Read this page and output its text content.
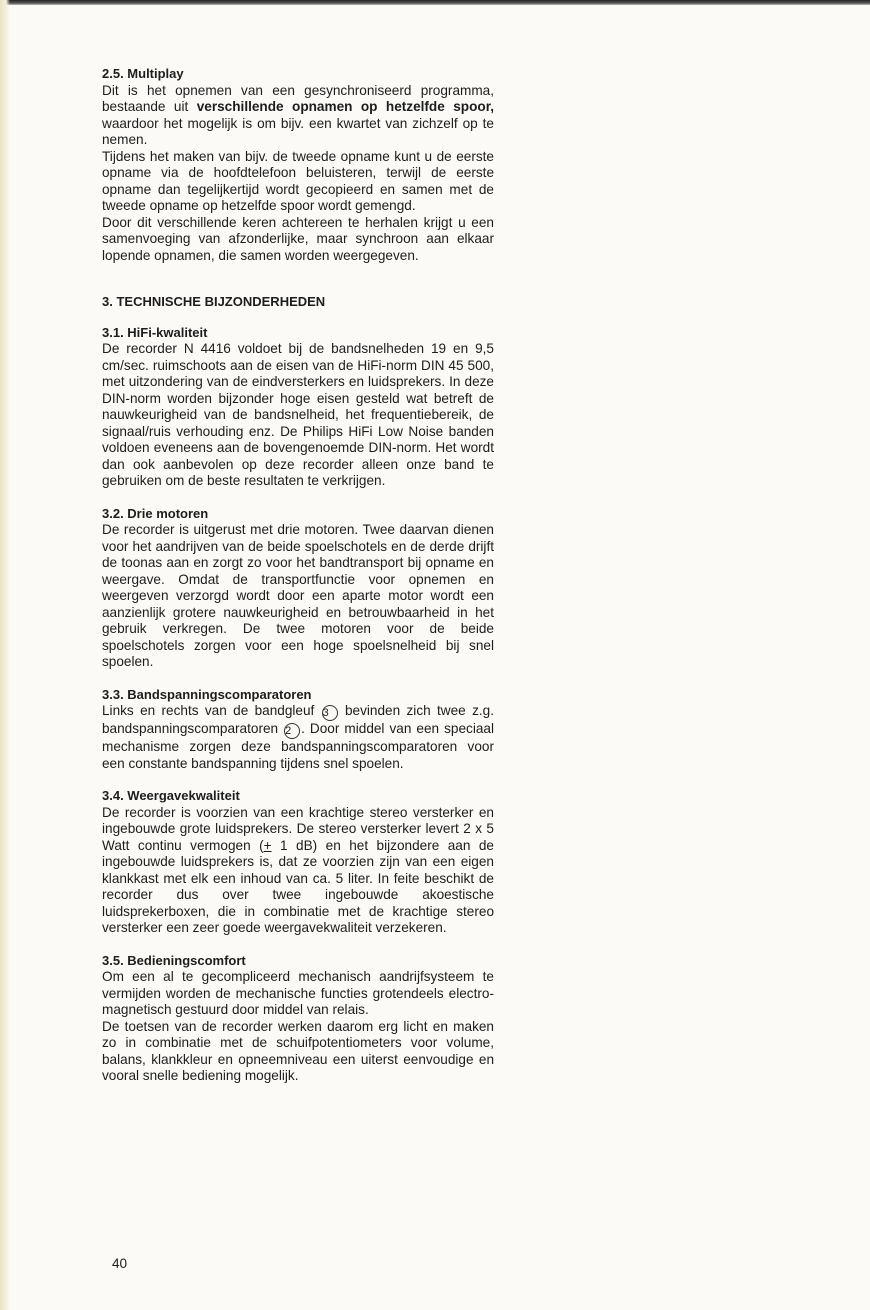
2.5. Multiplay

Dit is het opnemen van een gesynchroniseerd programma, bestaande uit verschillende opnamen op hetzelfde spoor, waardoor het mogelijk is om bijv. een kwartet van zichzelf op te nemen.

Tijdens het maken van bijv. de tweede opname kunt u de eerste opname via de hoofdtelefoon beluisteren, terwijl de eerste opname dan tegelijkertijd wordt gecopieerd en samen met de tweede opname op hetzelfde spoor wordt gemengd.

Door dit verschillende keren achtereen te herhalen krijgt u een samenvoeging van afzonderlijke, maar synchroon aan elkaar lopende opnamen, die samen worden weergegeven.

3. TECHNISCHE BIJZONDERHEDEN
3.1. HiFi-kwaliteit

De recorder N 4416 voldoet bij de bandsnelheden 19 en 9,5 cm/sec. ruimschoots aan de eisen van de HiFi-norm DIN 45 500, met uitzondering van de eindversterkers en luidsprekers. In deze DIN-norm worden bijzonder hoge eisen gesteld wat betreft de nauwkeurigheid van de bandsnelheid, het frequentiebereik, de signaal/ruis verhouding enz. De Philips HiFi Low Noise banden voldoen eveneens aan de bovengenoemde DIN-norm. Het wordt dan ook aanbevolen op deze recorder alleen onze band te gebruiken om de beste resultaten te verkrijgen.

3.2. Drie motoren

De recorder is uitgerust met drie motoren. Twee daarvan dienen voor het aandrijven van de beide spoelschotels en de derde drijft de toonas aan en zorgt zo voor het bandtransport bij opname en weergave. Omdat de transportfunctie voor opnemen en weergeven verzorgd wordt door een aparte motor wordt een aanzienlijk grotere nauwkeurigheid en betrouwbaarheid in het gebruik verkregen. De twee motoren voor de beide spoelschotels zorgen voor een hoge spoelsnelheid bij snel spoelen.

3.3. Bandspanningscomparatoren

Links en rechts van de bandgleuf 3 bevinden zich twee z.g. bandspanningscomparatoren 2 . Door middel van een speciaal mechanisme zorgen deze bandspanningscomparatoren voor een constante bandspanning tijdens snel spoelen.

3.4. Weergavekwaliteit

De recorder is voorzien van een krachtige stereo versterker en ingebouwde grote luidsprekers. De stereo versterker levert 2 x 5 Watt continu vermogen (+ 1 dB) en het bijzondere aan de ingebouwde luidsprekers is, dat ze voorzien zijn van een eigen klankkast met elk een inhoud van ca. 5 liter. In feite beschikt de recorder dus over twee ingebouwde akoestische luidsprekerboxen, die in combinatie met de krachtige stereo versterker een zeer goede weergavekwaliteit verzekeren.

3.5. Bedieningscomfort

Om een al te gecompliceerd mechanisch aandrijfsysteem te vermijden worden de mechanische functies grotendeels electro-magnetisch gestuurd door middel van relais.

De toetsen van de recorder werken daarom erg licht en maken zo in combinatie met de schuifpotentiometers voor volume, balans, klankkleur en opneemniveau een uiterst eenvoudige en vooral snelle bediening mogelijk.

40
